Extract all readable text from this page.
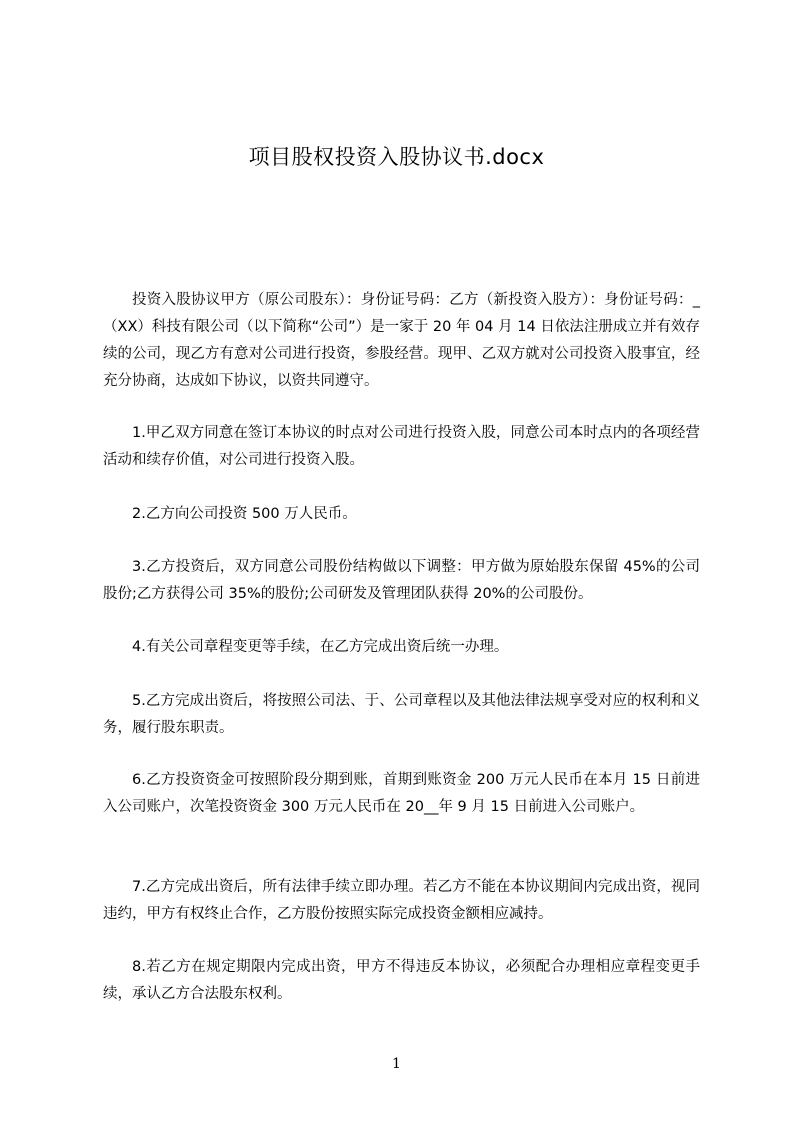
项目股权投资入股协议书.docx

投资入股协议甲方（原公司股东）：身份证号码：乙方（新投资入股方）：身份证号码：_（XX）科技有限公司（以下简称“公司”）是一家于 20 年 04 月 14 日依法注册成立并有效存续的公司，现乙方有意对公司进行投资，参股经营。现甲、乙双方就对公司投资入股事宜，经充分协商，达成如下协议，以资共同遵守。

1.甲乙双方同意在签订本协议的时点对公司进行投资入股，同意公司本时点内的各项经营活动和续存价值，对公司进行投资入股。

2.乙方向公司投资 500 万人民币。

3.乙方投资后，双方同意公司股份结构做以下调整：甲方做为原始股东保留 45%的公司股份;乙方获得公司 35%的股份;公司研发及管理团队获得 20%的公司股份。

4.有关公司章程变更等手续，在乙方完成出资后统一办理。

5.乙方完成出资后，将按照公司法、于、公司章程以及其他法律法规享受对应的权利和义务，履行股东职责。

6.乙方投资资金可按照阶段分期到账，首期到账资金 200 万元人民币在本月 15 日前进入公司账户，次笔投资资金 300 万元人民币在 20__年 9 月 15 日前进入公司账户。

7.乙方完成出资后，所有法律手续立即办理。若乙方不能在本协议期间内完成出资，视同违约，甲方有权终止合作，乙方股份按照实际完成投资金额相应减持。

8.若乙方在规定期限内完成出资，甲方不得违反本协议，必须配合办理相应章程变更手续，承认乙方合法股东权利。

1
